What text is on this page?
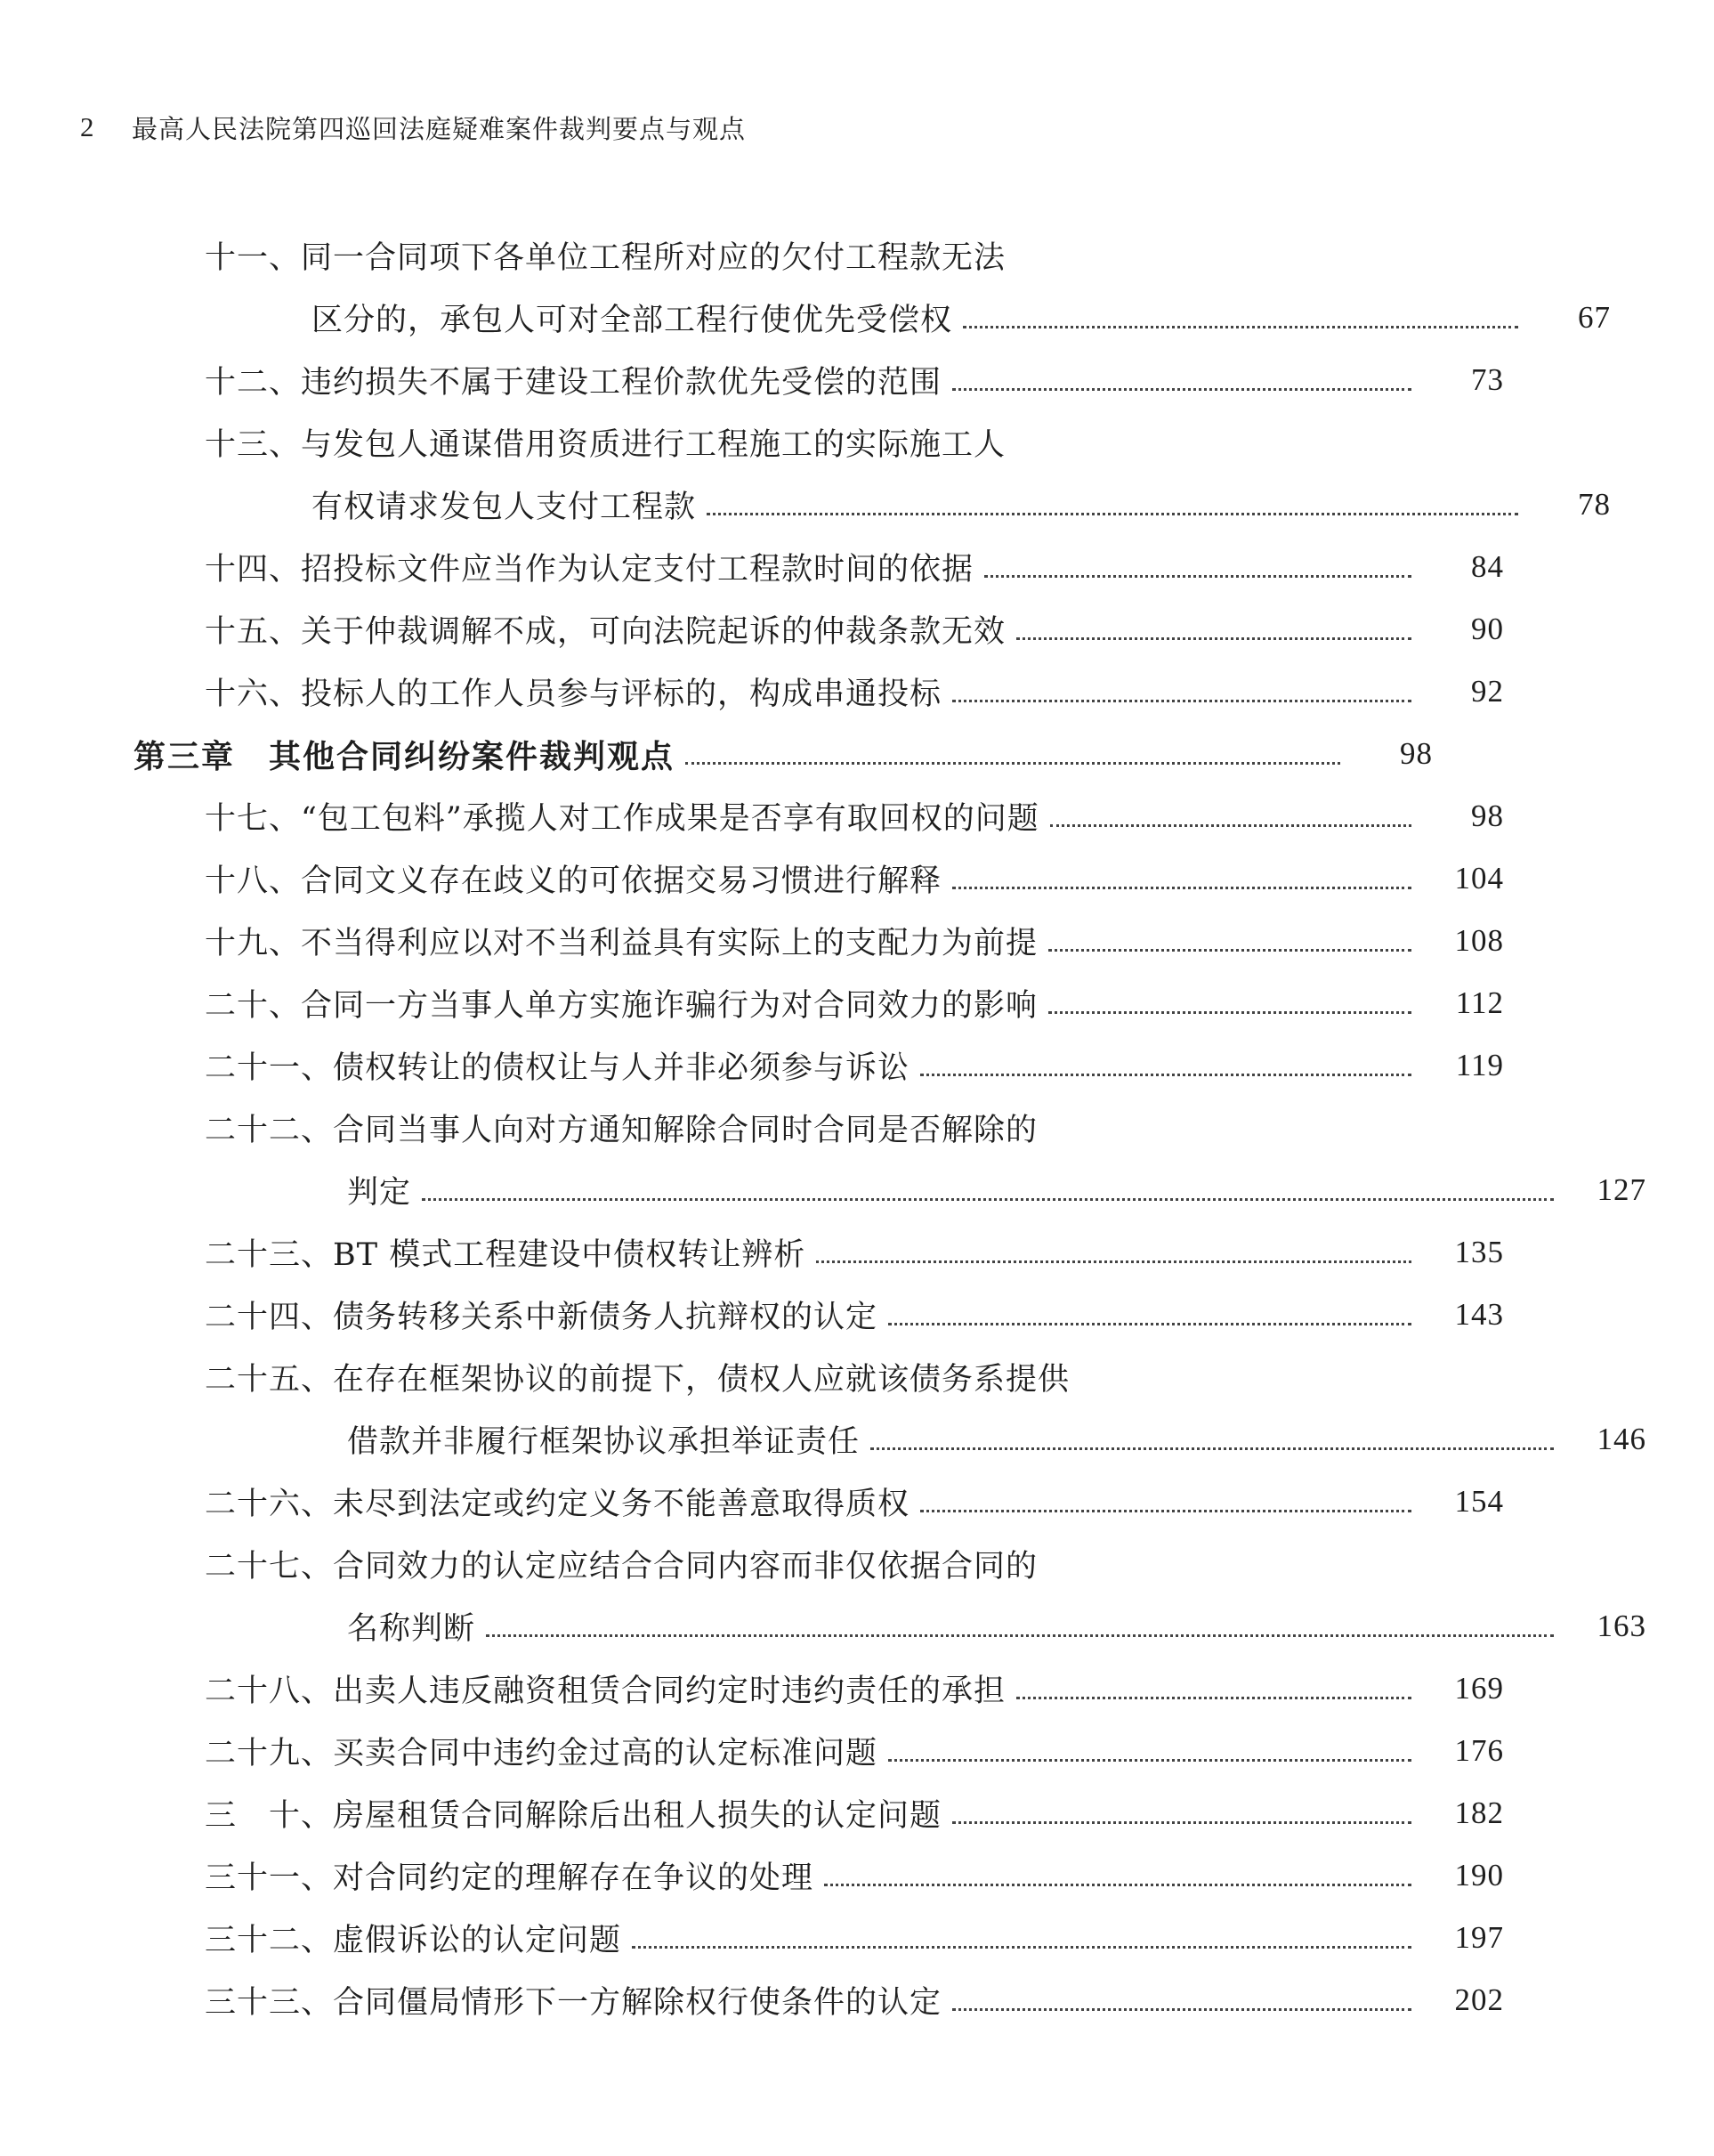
2	最高人民法院第四巡回法庭疑难案件裁判要点与观点
十一、同一合同项下各单位工程所对应的欠付工程款无法
区分的，承包人可对全部工程行使优先受偿权	67
十二、违约损失不属于建设工程价款优先受偿的范围	73
十三、与发包人通谋借用资质进行工程施工的实际施工人
有权请求发包人支付工程款	78
十四、招投标文件应当作为认定支付工程款时间的依据	84
十五、关于仲裁调解不成，可向法院起诉的仲裁条款无效	90
十六、投标人的工作人员参与评标的，构成串通投标	92
第三章　其他合同纠纷案件裁判观点	98
十七、“包工包料”承揽人对工作成果是否享有取回权的问题	98
十八、合同文义存在歧义的可依据交易习惯进行解释	104
十九、不当得利应以对不当利益具有实际上的支配力为前提	108
二十、合同一方当事人单方实施诈骗行为对合同效力的影响	112
二十一、债权转让的债权让与人并非必须参与诉讼	119
二十二、合同当事人向对方通知解除合同时合同是否解除的
判定	127
二十三、BT 模式工程建设中债权转让辨析	135
二十四、债务转移关系中新债务人抗辩权的认定	143
二十五、在存在框架协议的前提下，债权人应就该债务系提供
借款并非履行框架协议承担举证责任	146
二十六、未尽到法定或约定义务不能善意取得质权	154
二十七、合同效力的认定应结合合同内容而非仅依据合同的
名称判断	163
二十八、出卖人违反融资租赁合同约定时违约责任的承担	169
二十九、买卖合同中违约金过高的认定标准问题	176
三　十、房屋租赁合同解除后出租人损失的认定问题	182
三十一、对合同约定的理解存在争议的处理	190
三十二、虚假诉讼的认定问题	197
三十三、合同僵局情形下一方解除权行使条件的认定	202
